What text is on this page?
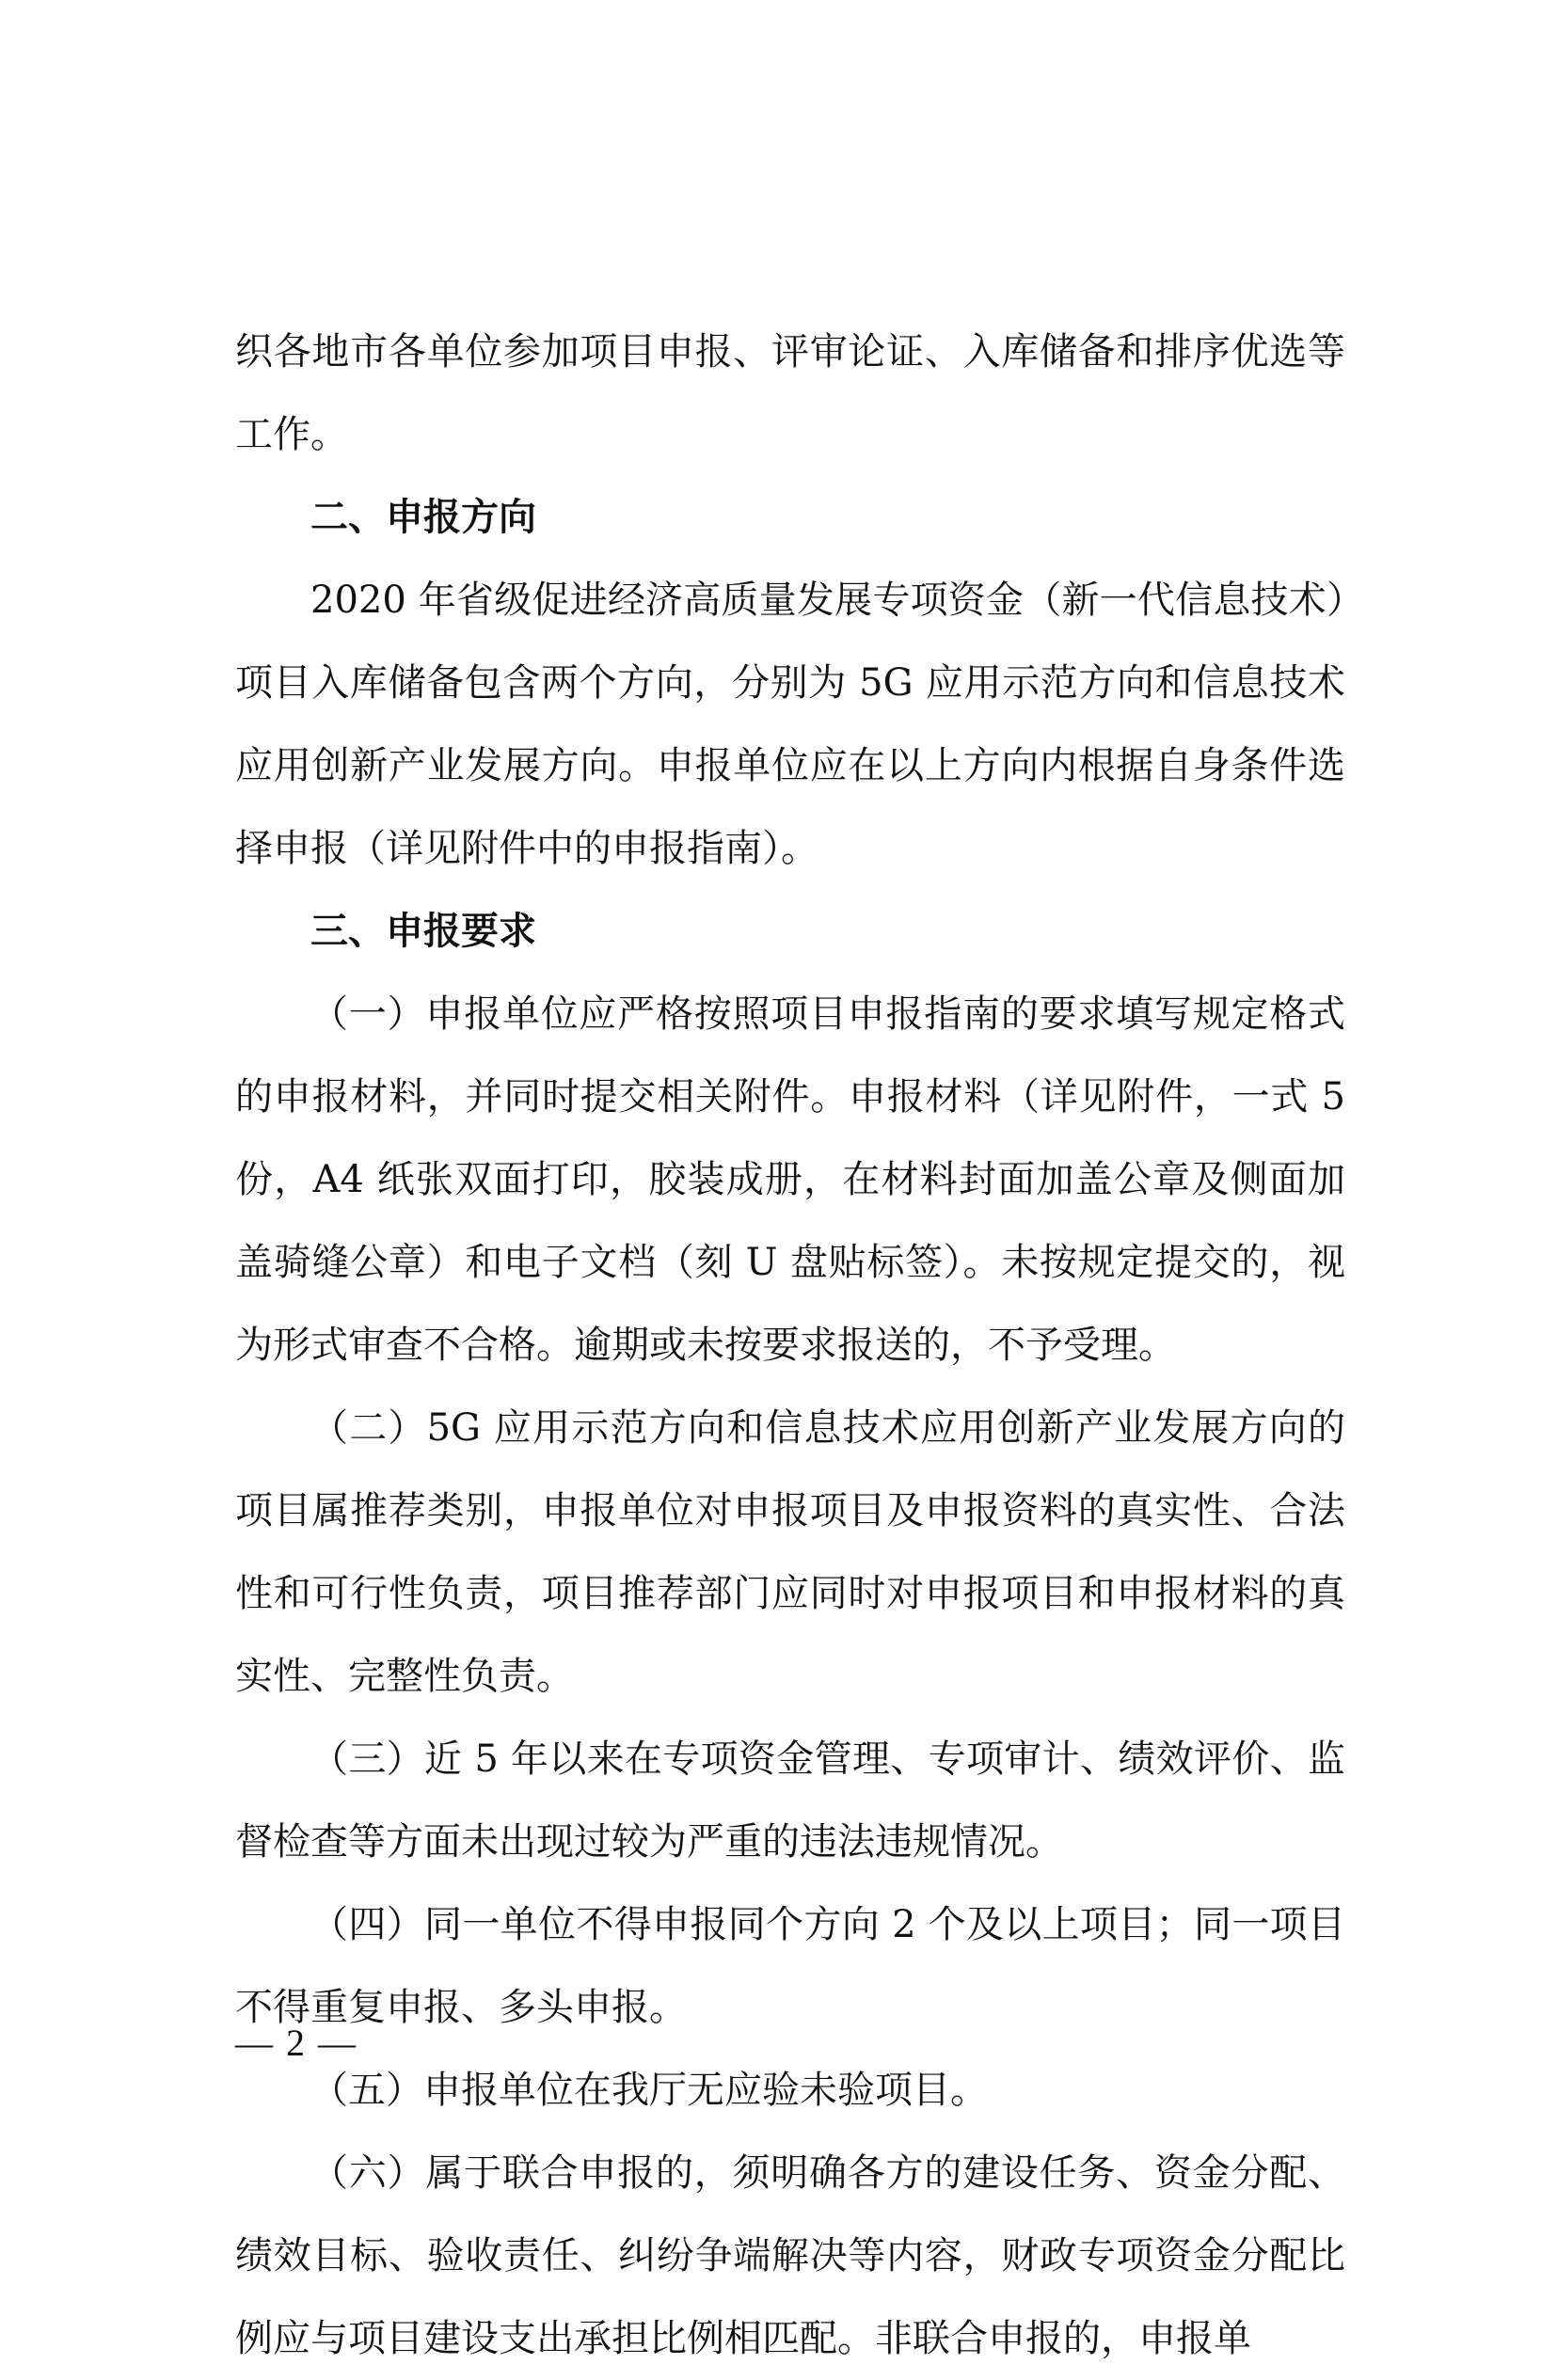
织各地市各单位参加项目申报、评审论证、入库储备和排序优选等工作。

二、申报方向

2020 年省级促进经济高质量发展专项资金（新一代信息技术）项目入库储备包含两个方向，分别为 5G 应用示范方向和信息技术应用创新产业发展方向。申报单位应在以上方向内根据自身条件选择申报（详见附件中的申报指南）。

三、申报要求

（一）申报单位应严格按照项目申报指南的要求填写规定格式的申报材料，并同时提交相关附件。申报材料（详见附件，一式 5 份，A4 纸张双面打印，胶装成册，在材料封面加盖公章及侧面加盖骑缝公章）和电子文档（刻 U 盘贴标签）。未按规定提交的，视为形式审查不合格。逾期或未按要求报送的，不予受理。

（二）5G 应用示范方向和信息技术应用创新产业发展方向的项目属推荐类别，申报单位对申报项目及申报资料的真实性、合法性和可行性负责，项目推荐部门应同时对申报项目和申报材料的真实性、完整性负责。

（三）近 5 年以来在专项资金管理、专项审计、绩效评价、监督检查等方面未出现过较为严重的违法违规情况。

（四）同一单位不得申报同个方向 2 个及以上项目；同一项目不得重复申报、多头申报。

（五）申报单位在我厅无应验未验项目。

（六）属于联合申报的，须明确各方的建设任务、资金分配、绩效目标、验收责任、纠纷争端解决等内容，财政专项资金分配比例应与项目建设支出承担比例相匹配。非联合申报的，申报单

— 2 —
